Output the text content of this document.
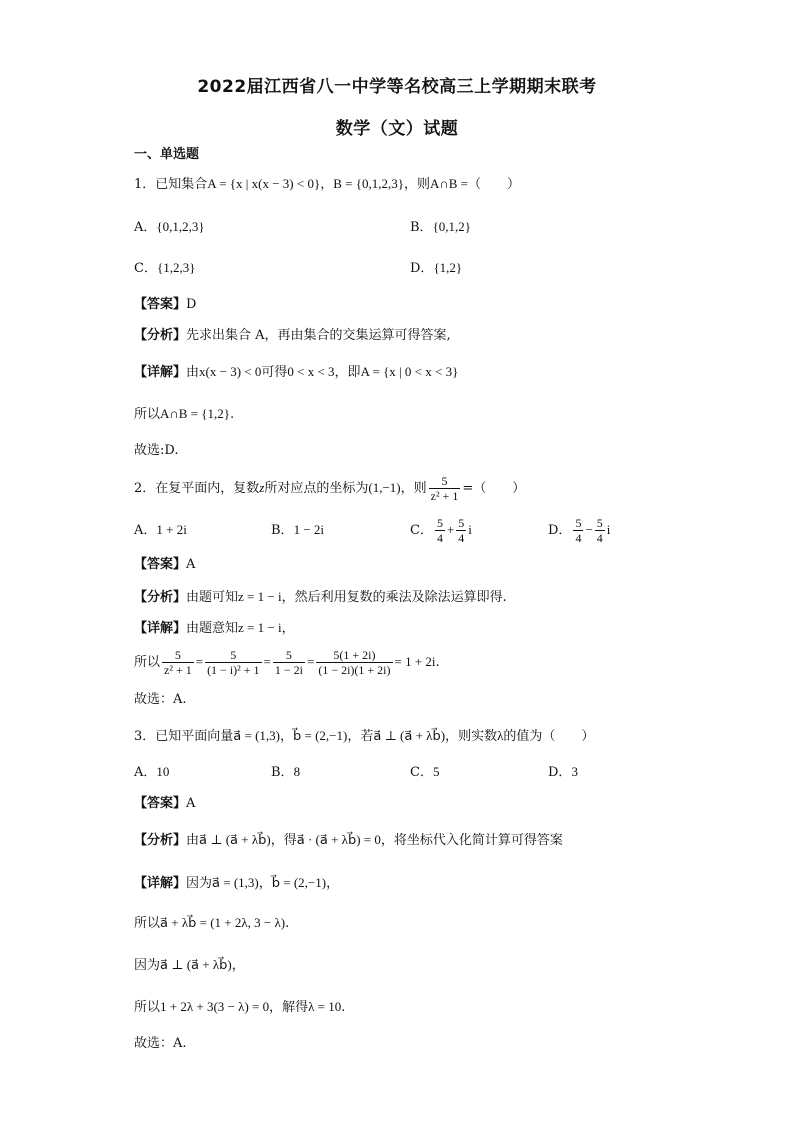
2022届江西省八一中学等名校高三上学期期末联考
数学（文）试题
一、单选题
1．已知集合A = {x | x(x − 3) < 0}，B = {0,1,2,3}，则A∩B =（　　）
A．{0,1,2,3}	B．{0,1,2}
C．{1,2,3}	D．{1,2}
【答案】D
【分析】先求出集合 A，再由集合的交集运算可得答案,
【详解】由x(x − 3) < 0可得0 < x < 3，即A = {x | 0 < x < 3}
所以A∩B = {1,2}.
故选:D.
2．在复平面内，复数z所对应点的坐标为(1,−1)，则 $\frac{5}{\text{z² + 1}}$ =（　　）
A．1 + 2i	B．1 − 2i	C． $\frac{5}{4} + \frac{5}{4}$ i	D． $\frac{5}{4} - \frac{5}{4}$ i
【答案】A
【分析】由题可知z = 1 − i，然后利用复数的乘法及除法运算即得.
【详解】由题意知z = 1 − i，
所以 $\frac{5}{\text{z² + 1}} = \frac{5}{\text{(1 − i)² + 1}} = \frac{5}{1 - 2i} = \frac{5(1 + 2i)}{(1 - 2i)(1 + 2i)} = 1 + 2i$.
故选：A.
3．已知平面向量a⃗ = (1,3)，b⃗ = (2,−1)，若a⃗ ⊥ (a⃗ + λb⃗)，则实数λ的值为（　　）
A．10	B．8	C．5	D．3
【答案】A
【分析】由a⃗ ⊥ (a⃗ + λb⃗)，得a⃗ · (a⃗ + λb⃗) = 0，将坐标代入化简计算可得答案
【详解】因为a⃗ = (1,3)，b⃗ = (2,−1)，
所以a⃗ + λb⃗ = (1 + 2λ, 3 − λ).
因为a⃗ ⊥ (a⃗ + λb⃗)，
所以1 + 2λ + 3(3 − λ) = 0，解得λ = 10.
故选：A.
